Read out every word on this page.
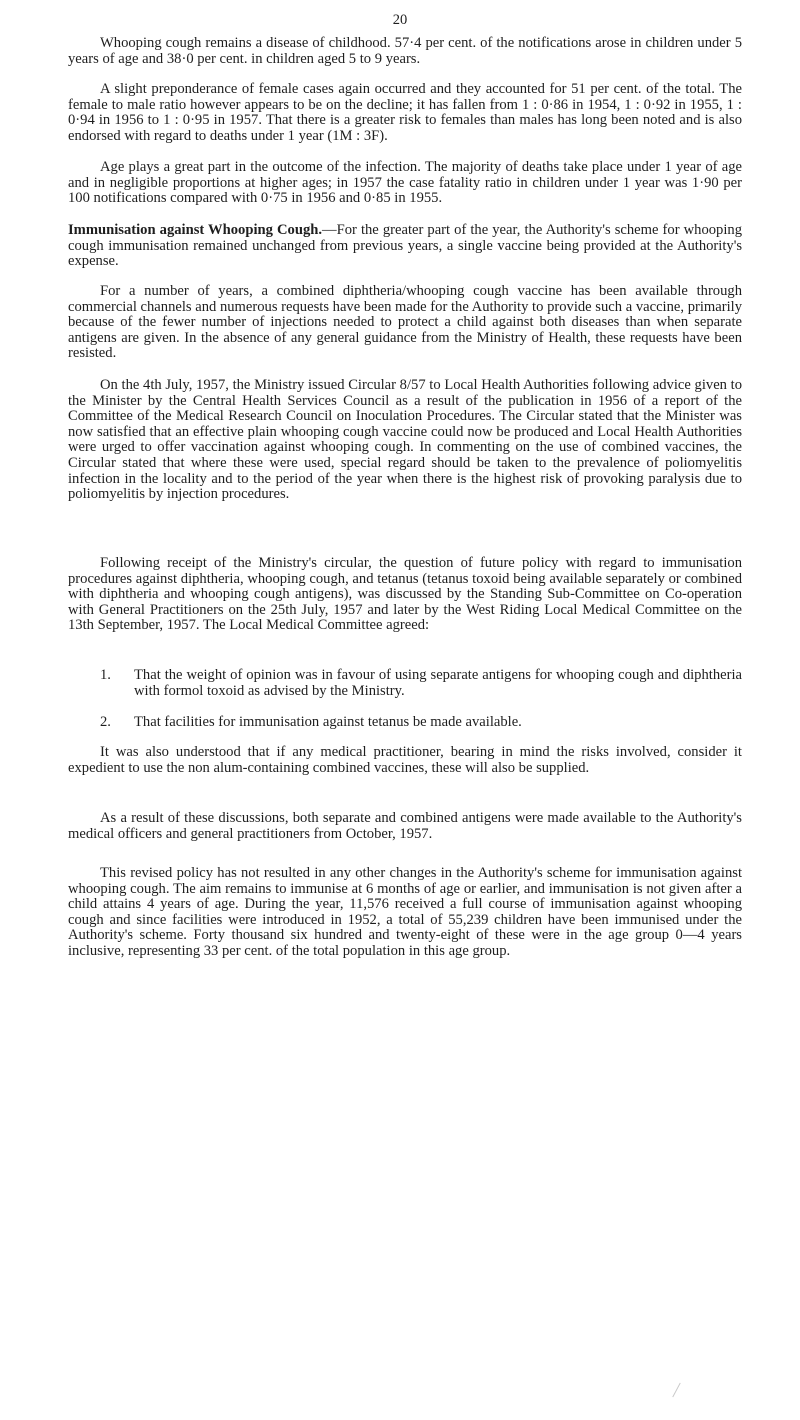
20

Whooping cough remains a disease of childhood. 57·4 per cent. of the notifications arose in children under 5 years of age and 38·0 per cent. in children aged 5 to 9 years.

A slight preponderance of female cases again occurred and they accounted for 51 per cent. of the total. The female to male ratio however appears to be on the decline; it has fallen from 1 : 0·86 in 1954, 1 : 0·92 in 1955, 1 : 0·94 in 1956 to 1 : 0·95 in 1957. That there is a greater risk to females than males has long been noted and is also endorsed with regard to deaths under 1 year (1M : 3F).

Age plays a great part in the outcome of the infection. The majority of deaths take place under 1 year of age and in negligible proportions at higher ages; in 1957 the case fatality ratio in children under 1 year was 1·90 per 100 notifications compared with 0·75 in 1956 and 0·85 in 1955.

Immunisation against Whooping Cough.—For the greater part of the year, the Authority's scheme for whooping cough immunisation remained unchanged from previous years, a single vaccine being provided at the Authority's expense.

For a number of years, a combined diphtheria/whooping cough vaccine has been available through commercial channels and numerous requests have been made for the Authority to provide such a vaccine, primarily because of the fewer number of injections needed to protect a child against both diseases than when separate antigens are given. In the absence of any general guidance from the Ministry of Health, these requests have been resisted.

On the 4th July, 1957, the Ministry issued Circular 8/57 to Local Health Authorities following advice given to the Minister by the Central Health Services Council as a result of the publication in 1956 of a report of the Committee of the Medical Research Council on Inoculation Procedures. The Circular stated that the Minister was now satisfied that an effective plain whooping cough vaccine could now be produced and Local Health Authorities were urged to offer vaccination against whooping cough. In commenting on the use of combined vaccines, the Circular stated that where these were used, special regard should be taken to the prevalence of poliomyelitis infection in the locality and to the period of the year when there is the highest risk of provoking paralysis due to poliomyelitis by injection procedures.

Following receipt of the Ministry's circular, the question of future policy with regard to immunisation procedures against diphtheria, whooping cough, and tetanus (tetanus toxoid being available separately or combined with diphtheria and whooping cough antigens), was discussed by the Standing Sub-Committee on Co-operation with General Practitioners on the 25th July, 1957 and later by the West Riding Local Medical Committee on the 13th September, 1957. The Local Medical Committee agreed:

1.	That the weight of opinion was in favour of using separate antigens for whooping cough and diphtheria with formol toxoid as advised by the Ministry.
2.	That facilities for immunisation against tetanus be made available.

It was also understood that if any medical practitioner, bearing in mind the risks involved, consider it expedient to use the non alum-containing combined vaccines, these will also be supplied.

As a result of these discussions, both separate and combined antigens were made available to the Authority's medical officers and general practitioners from October, 1957.

This revised policy has not resulted in any other changes in the Authority's scheme for immunisation against whooping cough. The aim remains to immunise at 6 months of age or earlier, and immunisation is not given after a child attains 4 years of age. During the year, 11,576 received a full course of immunisation against whooping cough and since facilities were introduced in 1952, a total of 55,239 children have been immunised under the Authority's scheme. Forty thousand six hundred and twenty-eight of these were in the age group 0—4 years inclusive, representing 33 per cent. of the total population in this age group.
